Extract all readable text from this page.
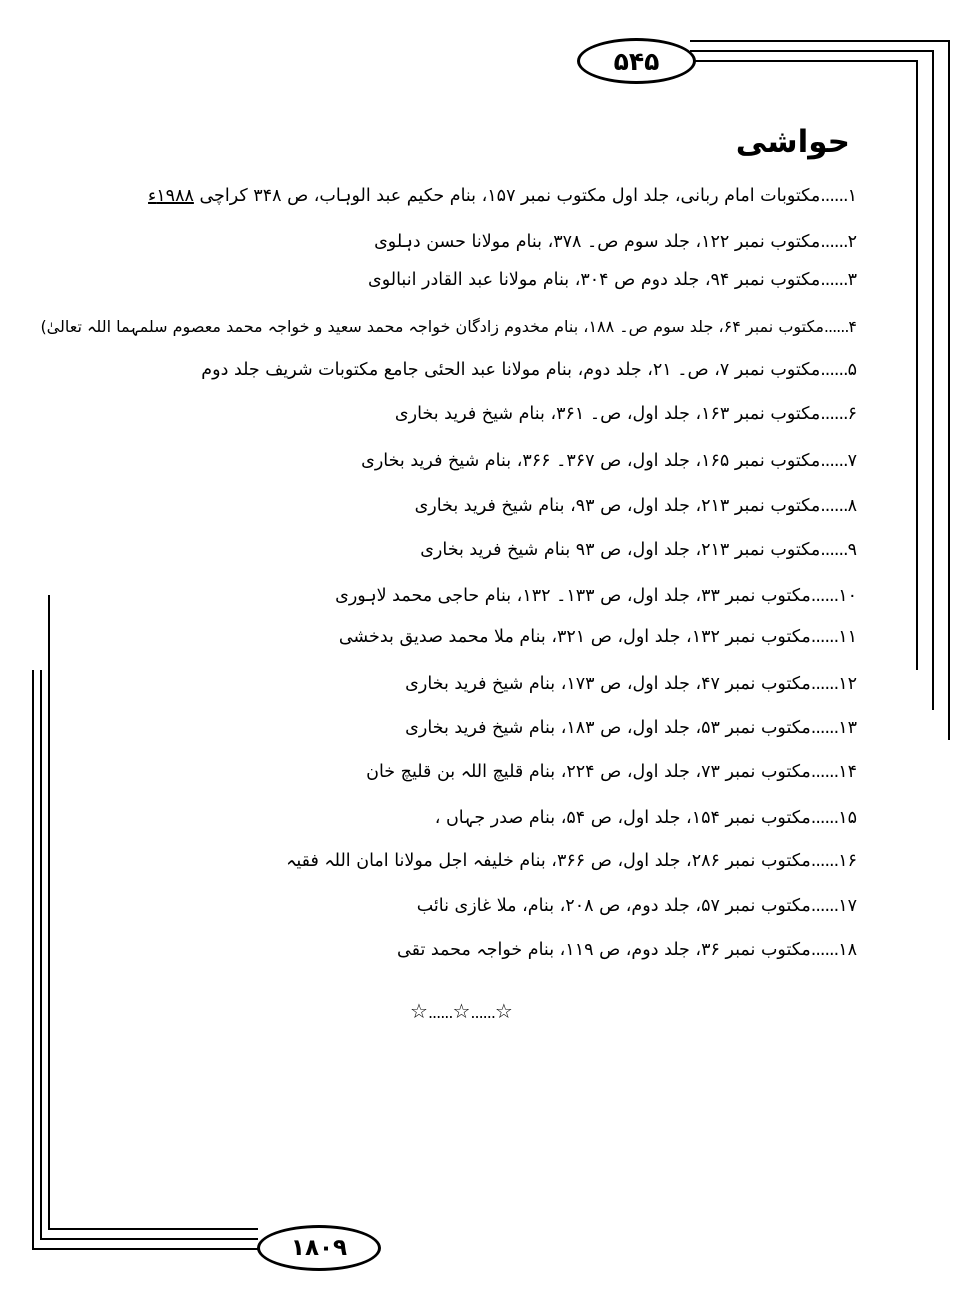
۵۴۵
حواشی
۱......مکتوبات امام ربانی، جلد اول مکتوب نمبر ۱۵۷، بنام حکیم عبد الوہاب، ص ۳۴۸ کراچی ۱۹۸۸ء
۲......مکتوب نمبر ۱۲۲، جلد سوم ص۔ ۳۷۸، بنام مولانا حسن دہلوی
۳......مکتوب نمبر ۹۴، جلد دوم ص ۳۰۴، بنام مولانا عبد القادر انبالوی
۴......مکتوب نمبر ۶۴، جلد سوم ص۔ ۱۸۸، بنام مخدوم زادگان خواجہ محمد سعید و خواجہ محمد معصوم سلمہما اللہ تعالیٰ)
۵......مکتوب نمبر ۷، ص۔ ۲۱، جلد دوم، بنام مولانا عبد الحئی جامع مکتوبات شریف جلد دوم
۶......مکتوب نمبر ۱۶۳، جلد اول، ص۔ ۳۶۱، بنام شیخ فرید بخاری
۷......مکتوب نمبر ۱۶۵، جلد اول، ص ۳۶۷۔ ۳۶۶، بنام شیخ فرید بخاری
۸......مکتوب نمبر ۲۱۳، جلد اول، ص ۹۳، بنام شیخ فرید بخاری
۹......مکتوب نمبر ۲۱۳، جلد اول، ص ۹۳ بنام شیخ فرید بخاری
۱۰......مکتوب نمبر ۳۳، جلد اول، ص ۱۳۳۔ ۱۳۲، بنام حاجی محمد لاہوری
۱۱......مکتوب نمبر ۱۳۲، جلد اول، ص ۳۲۱، بنام ملا محمد صدیق بدخشی
۱۲......مکتوب نمبر ۴۷، جلد اول، ص ۱۷۳، بنام شیخ فرید بخاری
۱۳......مکتوب نمبر ۵۳، جلد اول، ص ۱۸۳، بنام شیخ فرید بخاری
۱۴......مکتوب نمبر ۷۳، جلد اول، ص ۲۲۴، بنام قلیچ اللہ بن قلیچ خان
۱۵......مکتوب نمبر ۱۵۴، جلد اول، ص ۵۴، بنام صدر جہاں ،
۱۶......مکتوب نمبر ۲۸۶، جلد اول، ص ۳۶۶، بنام خلیفہ اجل مولانا امان اللہ فقیہ
۱۷......مکتوب نمبر ۵۷، جلد دوم، ص ۲۰۸، بنام، ملا غازی نائب
۱۸......مکتوب نمبر ۳۶، جلد دوم، ص ۱۱۹، بنام خواجہ محمد تقی
☆......☆......☆
۱۸۰۹
